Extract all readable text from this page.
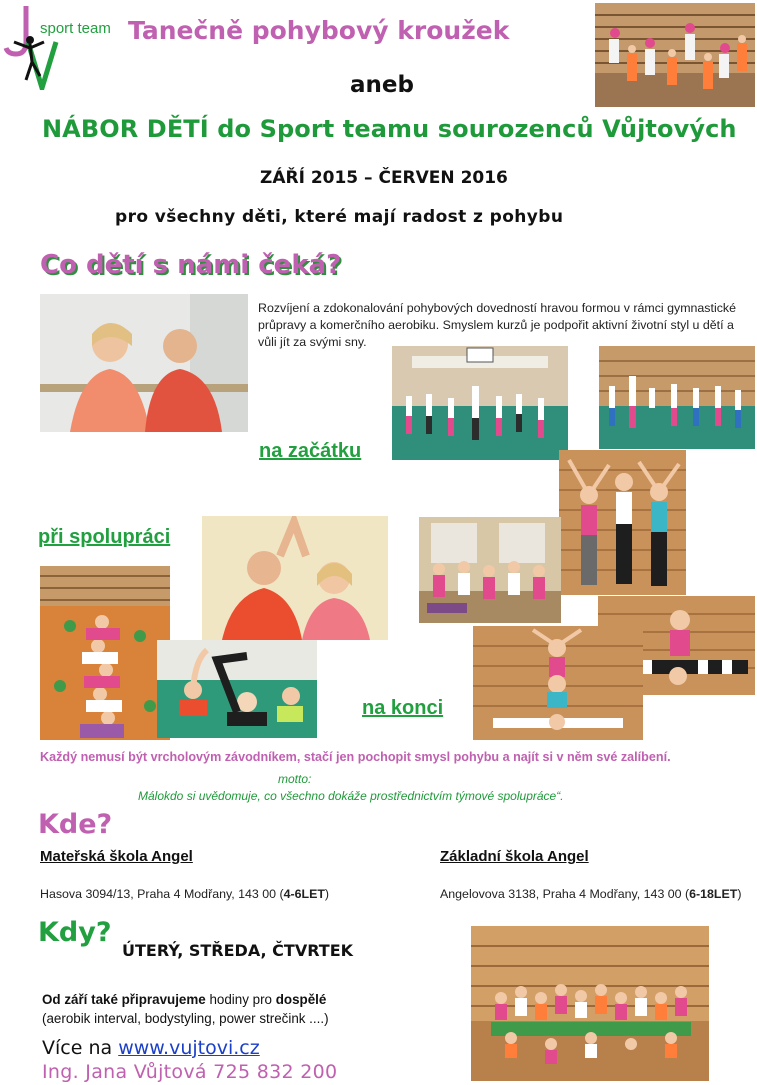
sport team Tanečně pohybový kroužek
aneb
NÁBOR DĚTÍ do Sport teamu sourozenců Vůjtových
ZÁŘÍ 2015 – ČERVEN 2016
pro všechny děti, které mají radost z pohybu
Co dětí s námi čeká?
Rozvíjení a zdokonalování pohybových dovedností hravou formou v rámci gymnastické průpravy a komerčního aerobiku. Smyslem kurzů je podpořit aktivní životní styl u dětí a vůli jít za svými sny.
na začátku
při spolupráci
na konci
Každý nemusí být vrcholovým závodníkem, stačí jen pochopit smysl pohybu a najít si v něm své zalíbení.
motto:
Málokdo si uvědomuje, co všechno dokáže prostřednictvím týmové spolupráce“.
Kde?
Mateřská škola Angel
Hasova 3094/13, Praha 4 Modřany, 143 00 (4-6LET)
Základní škola Angel
Angelovova 3138, Praha 4 Modřany, 143 00 (6-18LET)
Kdy?
ÚTERÝ, STŘEDA, ČTVRTEK
Od září také připravujeme hodiny pro dospělé
(aerobik interval, bodystyling, power strečink ....)
Více na www.vujtovi.cz
Ing. Jana Vůjtová 725 832 200
